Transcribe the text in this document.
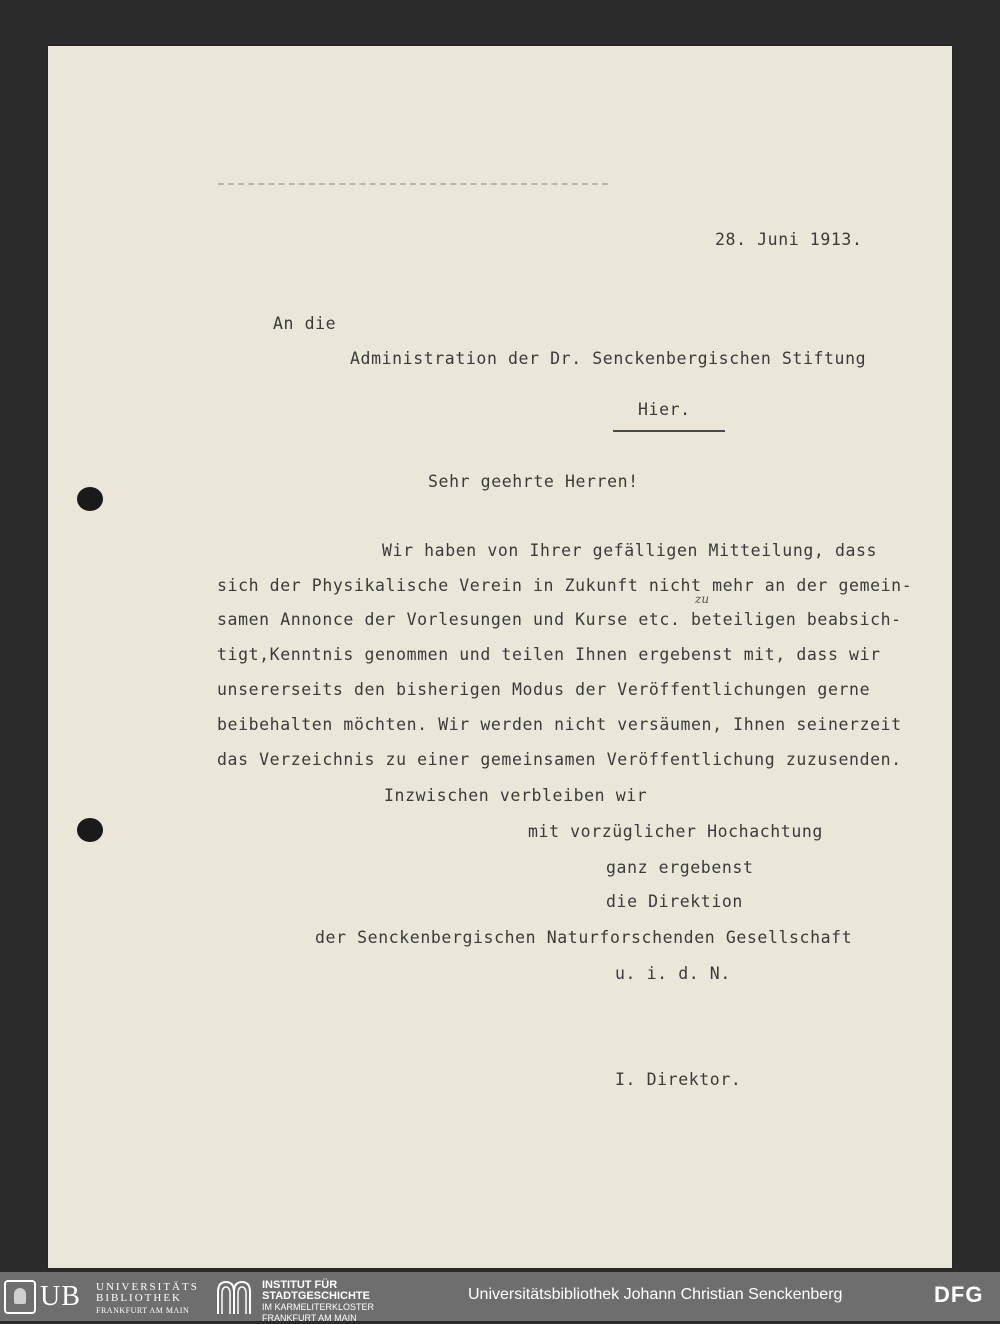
28. Juni 1913.
An die
Administration der Dr. Senckenbergischen Stiftung
Hier.
Sehr geehrte Herren!
Wir haben von Ihrer gefälligen Mitteilung, dass
sich der Physikalische Verein in Zukunft nicht mehr an der gemein-
samen Annonce der Vorlesungen und Kurse etc. beteiligen beabsich-
zu
tigt,Kenntnis genommen und teilen Ihnen ergebenst mit, dass wir
unsererseits den bisherigen Modus der Veröffentlichungen gerne
beibehalten möchten. Wir werden nicht versäumen, Ihnen seinerzeit
das Verzeichnis zu einer gemeinsamen Veröffentlichung zuzusenden.
Inzwischen verbleiben wir
mit vorzüglicher Hochachtung
ganz ergebenst
die Direktion
der Senckenbergischen Naturforschenden Gesellschaft
u. i. d. N.
I. Direktor.
UB UNIVERSITÄTS
BIBLIOTHEK
FRANKFURT AM MAIN
INSTITUT FÜR
STADTGESCHICHTE
IM KARMELITERKLOSTER
FRANKFURT AM MAIN
Universitätsbibliothek Johann Christian Senckenberg	DFG
